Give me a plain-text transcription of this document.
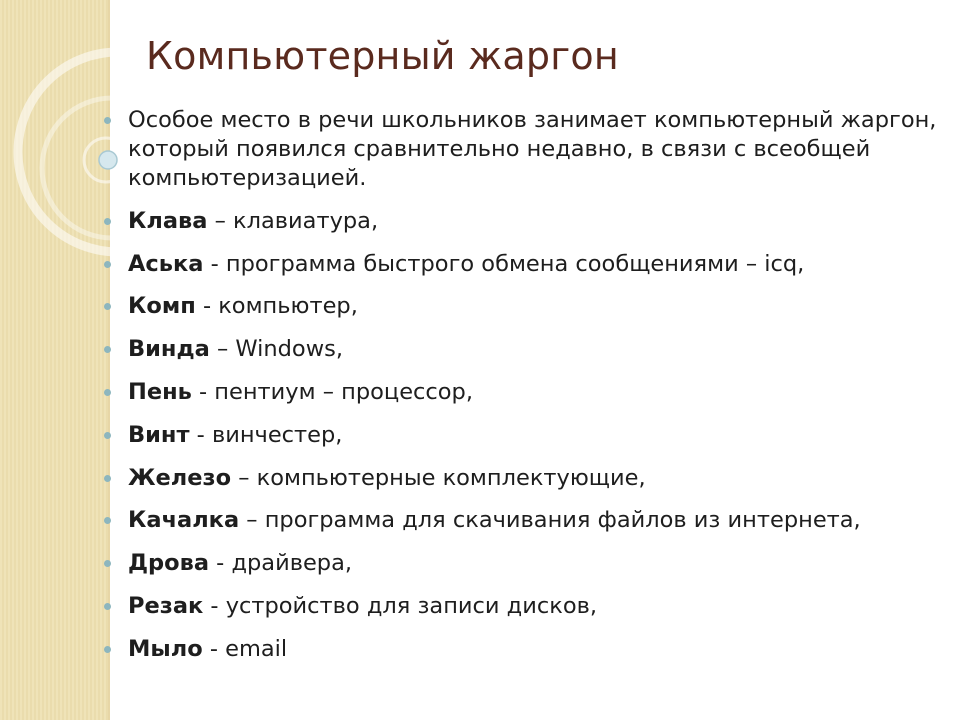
Компьютерный жаргон
Особое место в речи школьников занимает компьютерный жаргон, который появился сравнительно недавно, в связи с всеобщей компьютеризацией.
Клава – клавиатура,
Аська - программа быстрого обмена сообщениями – icq,
Комп - компьютер,
Винда – Windows,
Пень - пентиум – процессор,
Винт - винчестер,
Железо – компьютерные комплектующие,
Качалка – программа для скачивания файлов из интернета,
Дрова - драйвера,
Резак - устройство для записи дисков,
Мыло - email
